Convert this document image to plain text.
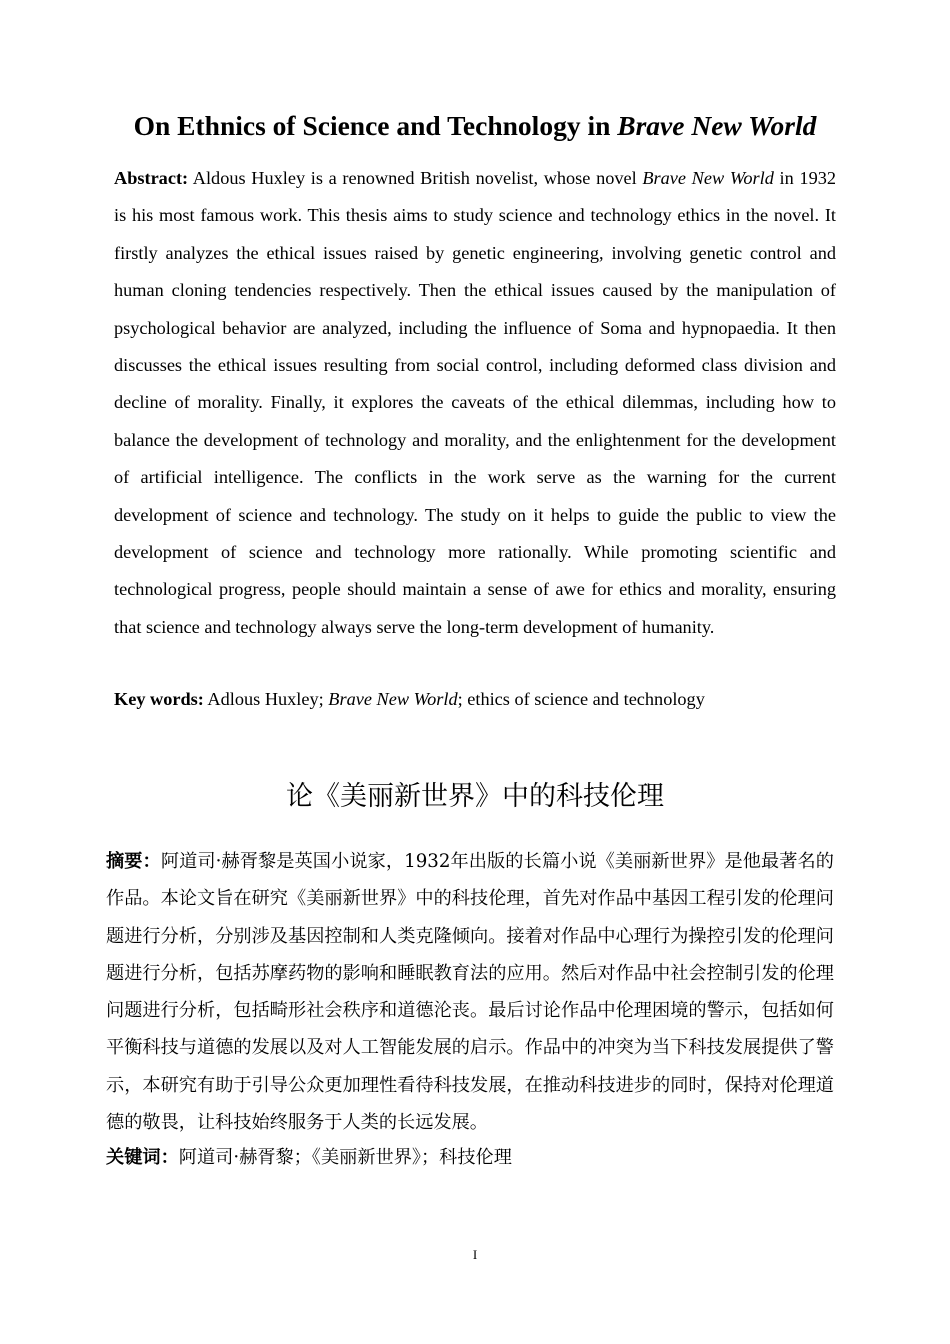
On Ethnics of Science and Technology in Brave New World
Abstract: Aldous Huxley is a renowned British novelist, whose novel Brave New World in 1932 is his most famous work. This thesis aims to study science and technology ethics in the novel. It firstly analyzes the ethical issues raised by genetic engineering, involving genetic control and human cloning tendencies respectively. Then the ethical issues caused by the manipulation of psychological behavior are analyzed, including the influence of Soma and hypnopaedia. It then discusses the ethical issues resulting from social control, including deformed class division and decline of morality. Finally, it explores the caveats of the ethical dilemmas, including how to balance the development of technology and morality, and the enlightenment for the development of artificial intelligence. The conflicts in the work serve as the warning for the current development of science and technology. The study on it helps to guide the public to view the development of science and technology more rationally. While promoting scientific and technological progress, people should maintain a sense of awe for ethics and morality, ensuring that science and technology always serve the long-term development of humanity.
Key words: Adlous Huxley; Brave New World; ethics of science and technology
论《美丽新世界》中的科技伦理
摘要：阿道司·赫胥黎是英国小说家，1932年出版的长篇小说《美丽新世界》是他最著名的作品。本论文旨在研究《美丽新世界》中的科技伦理，首先对作品中基因工程引发的伦理问题进行分析，分别涉及基因控制和人类克隆倾向。接着对作品中心理行为操控引发的伦理问题进行分析，包括苏摩药物的影响和睡眠教育法的应用。然后对作品中社会控制引发的伦理问题进行分析，包括畸形社会秩序和道德沦丧。最后讨论作品中伦理困境的警示，包括如何平衡科技与道德的发展以及对人工智能发展的启示。作品中的冲突为当下科技发展提供了警示，本研究有助于引导公众更加理性看待科技发展，在推动科技进步的同时，保持对伦理道德的敬畏，让科技始终服务于人类的长远发展。
关键词：阿道司·赫胥黎；《美丽新世界》；科技伦理
I
